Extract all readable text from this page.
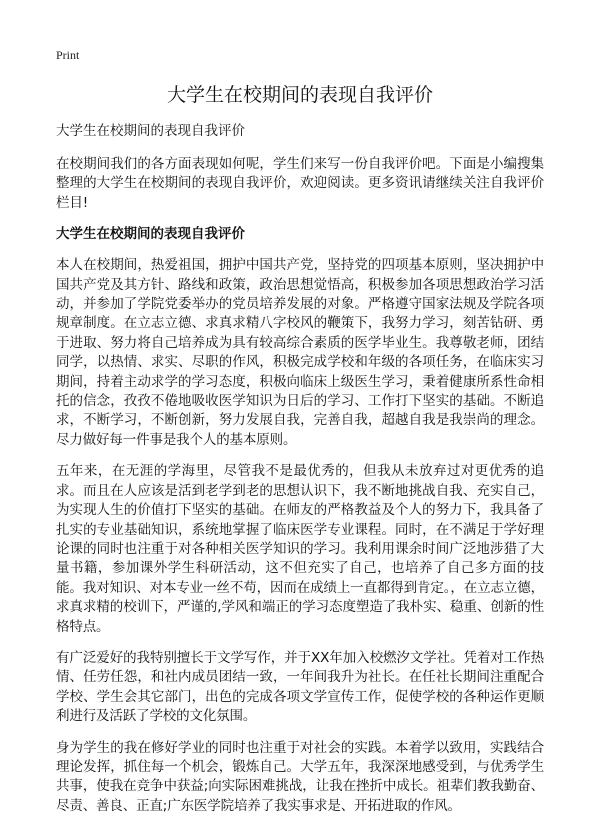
Print
大学生在校期间的表现自我评价
大学生在校期间的表现自我评价

在校期间我们的各方面表现如何呢，学生们来写一份自我评价吧。下面是小编搜集整理的大学生在校期间的表现自我评价，欢迎阅读。更多资讯请继续关注自我评价栏目!

大学生在校期间的表现自我评价

本人在校期间，热爱祖国，拥护中国共产党，坚持党的四项基本原则，坚决拥护中国共产党及其方针、路线和政策，政治思想觉悟高，积极参加各项思想政治学习活动，并参加了学院党委举办的党员培养发展的对象。严格遵守国家法规及学院各项规章制度。在立志立德、求真求精八字校风的鞭策下，我努力学习，刻苦钻研、勇于进取、努力将自己培养成为具有较高综合素质的医学毕业生。我尊敬老师，团结同学，以热情、求实、尽职的作风，积极完成学校和年级的各项任务，在临床实习期间，持着主动求学的学习态度，积极向临床上级医生学习，秉着健康所系性命相托的信念，孜孜不倦地吸收医学知识为日后的学习、工作打下坚实的基础。不断追求，不断学习，不断创新，努力发展自我，完善自我，超越自我是我崇尚的理念。尽力做好每一件事是我个人的基本原则。

五年来，在无涯的学海里，尽管我不是最优秀的，但我从未放弃过对更优秀的追求。而且在人应该是活到老学到老的思想认识下，我不断地挑战自我、充实自己，为实现人生的价值打下坚实的基础。在师友的严格教益及个人的努力下，我具备了扎实的专业基础知识，系统地掌握了临床医学专业课程。同时，在不满足于学好理论课的同时也注重于对各种相关医学知识的学习。我利用课余时间广泛地涉猎了大量书籍，参加课外学生科研活动，这不但充实了自己，也培养了自己多方面的技能。我对知识、对本专业一丝不苟，因而在成绩上一直都得到肯定。，在立志立德，求真求精的校训下，严谨的,学风和端正的学习态度塑造了我朴实、稳重、创新的性格特点。

有广泛爱好的我特别擅长于文学写作，并于XX年加入校燃汐文学社。凭着对工作热情、任劳任怨，和社内成员团结一致，一年间我升为社长。在任社长期间注重配合学校、学生会其它部门，出色的完成各项文学宣传工作，促使学校的各种运作更顺利进行及活跃了学校的文化氛围。

身为学生的我在修好学业的同时也注重于对社会的实践。本着学以致用，实践结合理论发挥，抓住每一个机会，锻炼自己。大学五年，我深深地感受到，与优秀学生共事，使我在竞争中获益;向实际困难挑战，让我在挫折中成长。祖辈们教我勤奋、尽责、善良、正直;广东医学院培养了我实事求是、开拓进取的作风。
